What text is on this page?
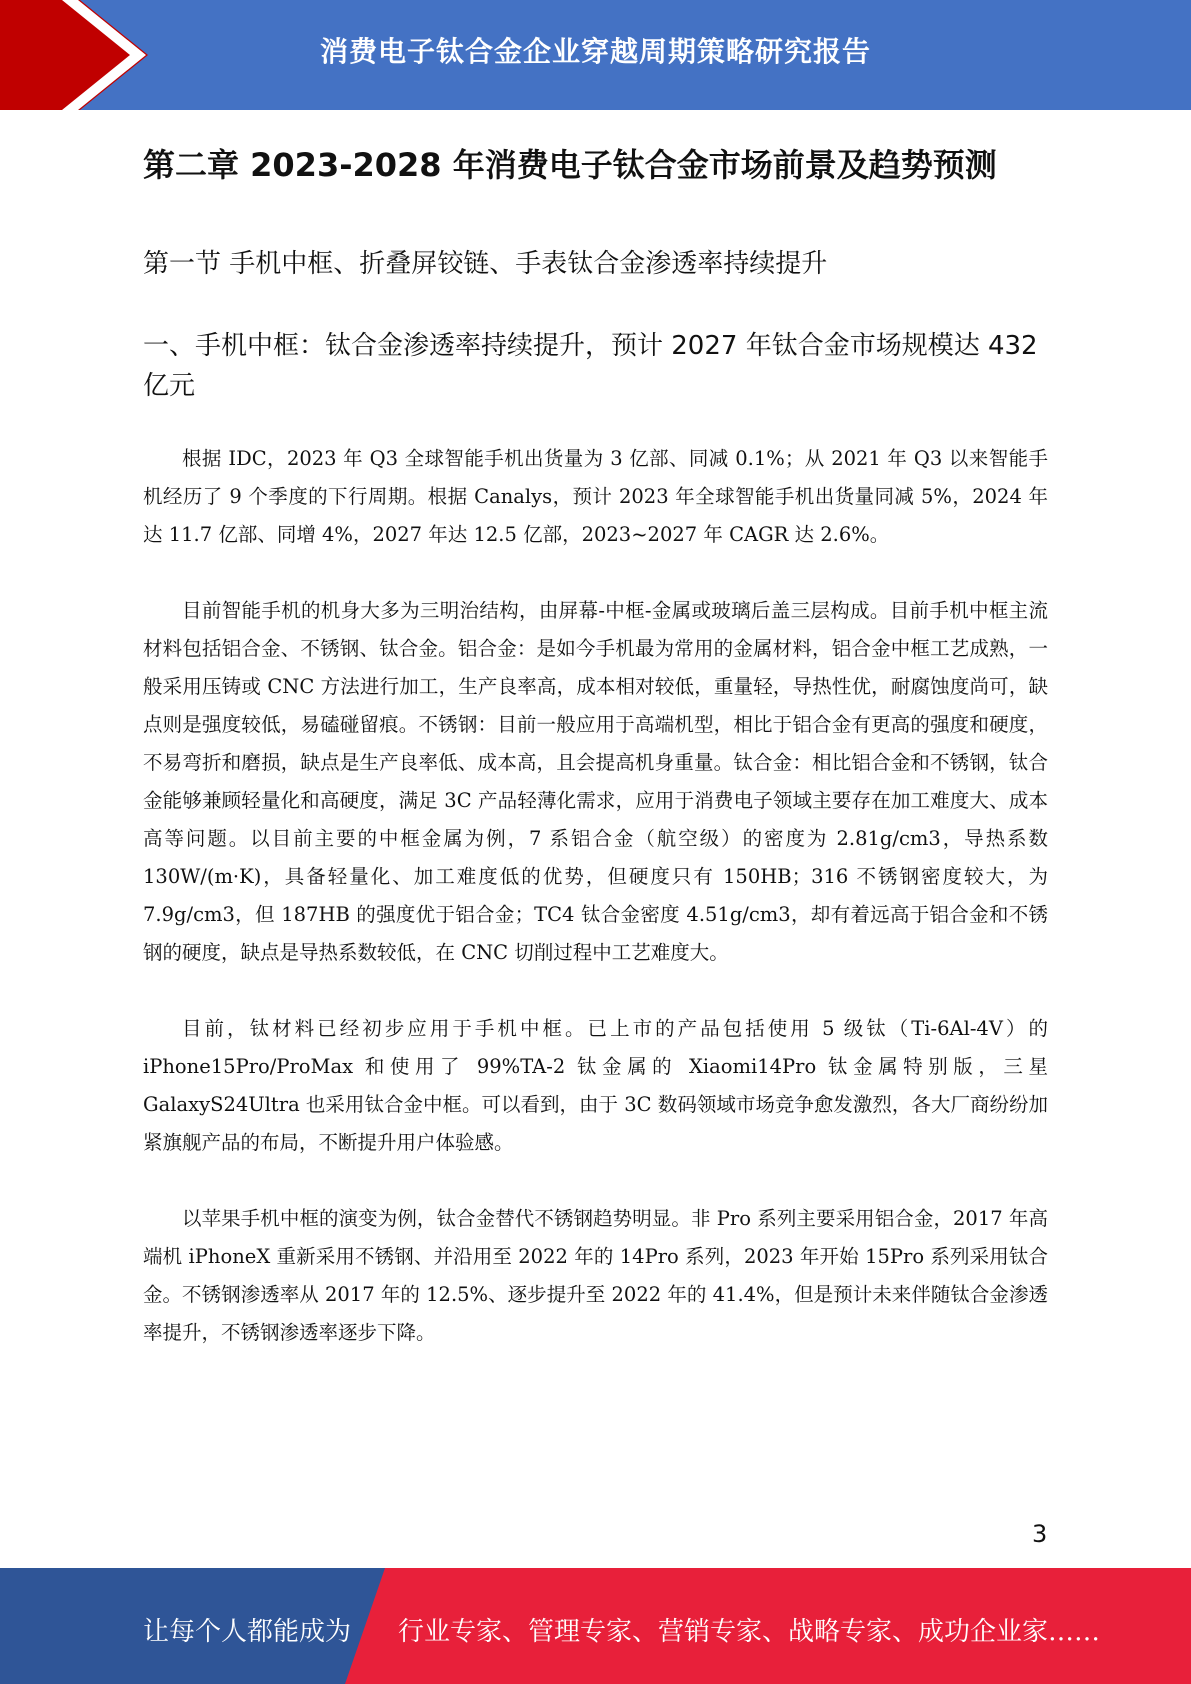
消费电子钛合金企业穿越周期策略研究报告
第二章 2023-2028 年消费电子钛合金市场前景及趋势预测
第一节 手机中框、折叠屏铰链、手表钛合金渗透率持续提升
一、手机中框：钛合金渗透率持续提升，预计 2027 年钛合金市场规模达 432 亿元

根据 IDC，2023 年 Q3 全球智能手机出货量为 3 亿部、同减 0.1%；从 2021 年 Q3 以来智能手机经历了 9 个季度的下行周期。根据 Canalys，预计 2023 年全球智能手机出货量同减 5%，2024 年达 11.7 亿部、同增 4%，2027 年达 12.5 亿部，2023~2027 年 CAGR 达 2.6%。

目前智能手机的机身大多为三明治结构，由屏幕-中框-金属或玻璃后盖三层构成。目前手机中框主流材料包括铝合金、不锈钢、钛合金。铝合金：是如今手机最为常用的金属材料，铝合金中框工艺成熟，一般采用压铸或 CNC 方法进行加工，生产良率高，成本相对较低，重量轻，导热性优，耐腐蚀度尚可，缺点则是强度较低，易磕碰留痕。不锈钢：目前一般应用于高端机型，相比于铝合金有更高的强度和硬度，不易弯折和磨损，缺点是生产良率低、成本高，且会提高机身重量。钛合金：相比铝合金和不锈钢，钛合金能够兼顾轻量化和高硬度，满足 3C 产品轻薄化需求，应用于消费电子领域主要存在加工难度大、成本高等问题。以目前主要的中框金属为例，7 系铝合金（航空级）的密度为 2.81g/cm3，导热系数 130W/(m·K)，具备轻量化、加工难度低的优势，但硬度只有 150HB；316 不锈钢密度较大，为 7.9g/cm3，但 187HB 的强度优于铝合金；TC4 钛合金密度 4.51g/cm3，却有着远高于铝合金和不锈钢的硬度，缺点是导热系数较低，在 CNC 切削过程中工艺难度大。

目前，钛材料已经初步应用于手机中框。已上市的产品包括使用 5 级钛（Ti-6Al-4V）的 iPhone15Pro/ProMax 和使用了 99%TA-2 钛金属的 Xiaomi14Pro 钛金属特别版，三星 GalaxyS24Ultra 也采用钛合金中框。可以看到，由于 3C 数码领域市场竞争愈发激烈，各大厂商纷纷加紧旗舰产品的布局，不断提升用户体验感。

以苹果手机中框的演变为例，钛合金替代不锈钢趋势明显。非 Pro 系列主要采用铝合金，2017 年高端机 iPhoneX 重新采用不锈钢、并沿用至 2022 年的 14Pro 系列，2023 年开始 15Pro 系列采用钛合金。不锈钢渗透率从 2017 年的 12.5%、逐步提升至 2022 年的 41.4%，但是预计未来伴随钛合金渗透率提升，不锈钢渗透率逐步下降。

3
让每个人都能成为 行业专家、管理专家、营销专家、战略专家、成功企业家……
